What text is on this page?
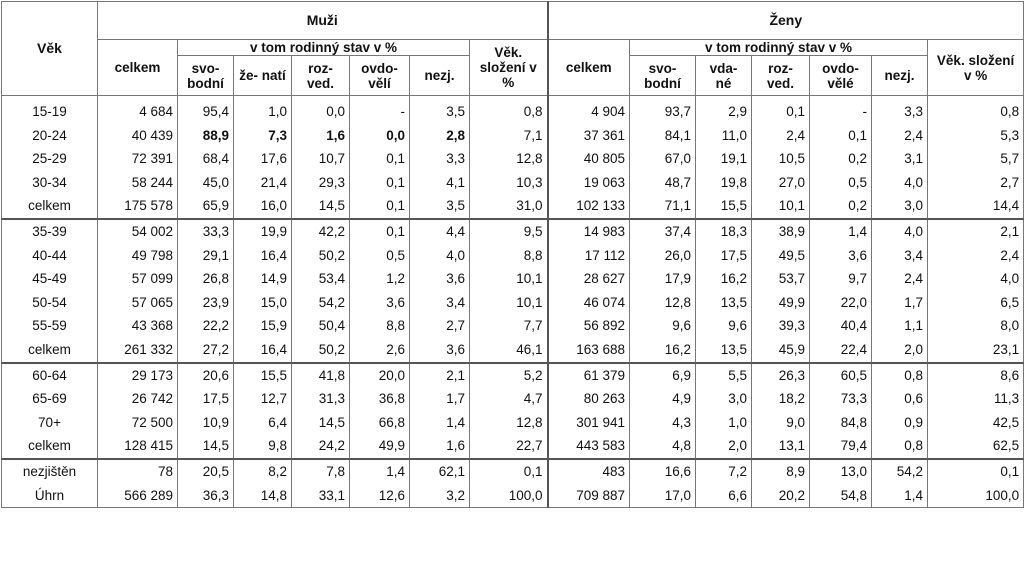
Věk	Muži							Ženy						
	celkem	v tom rodinný stav v %					Věk. složení v %	celkem	v tom rodinný stav v %					Věk. složení v %
		svo- bodní	že- natí	roz- ved.	ovdo- vělí	nezj.			svo- bodní	vda- né	roz- ved.	ovdo- vělé	nezj.	
15-19	4 684	95,4	1,0	0,0	-	3,5	0,8	4 904	93,7	2,9	0,1	-	3,3	0,8
20-24	40 439	88,9	7,3	1,6	0,0	2,8	7,1	37 361	84,1	11,0	2,4	0,1	2,4	5,3
25-29	72 391	68,4	17,6	10,7	0,1	3,3	12,8	40 805	67,0	19,1	10,5	0,2	3,1	5,7
30-34	58 244	45,0	21,4	29,3	0,1	4,1	10,3	19 063	48,7	19,8	27,0	0,5	4,0	2,7
celkem	175 578	65,9	16,0	14,5	0,1	3,5	31,0	102 133	71,1	15,5	10,1	0,2	3,0	14,4
35-39	54 002	33,3	19,9	42,2	0,1	4,4	9,5	14 983	37,4	18,3	38,9	1,4	4,0	2,1
40-44	49 798	29,1	16,4	50,2	0,5	4,0	8,8	17 112	26,0	17,5	49,5	3,6	3,4	2,4
45-49	57 099	26,8	14,9	53,4	1,2	3,6	10,1	28 627	17,9	16,2	53,7	9,7	2,4	4,0
50-54	57 065	23,9	15,0	54,2	3,6	3,4	10,1	46 074	12,8	13,5	49,9	22,0	1,7	6,5
55-59	43 368	22,2	15,9	50,4	8,8	2,7	7,7	56 892	9,6	9,6	39,3	40,4	1,1	8,0
celkem	261 332	27,2	16,4	50,2	2,6	3,6	46,1	163 688	16,2	13,5	45,9	22,4	2,0	23,1
60-64	29 173	20,6	15,5	41,8	20,0	2,1	5,2	61 379	6,9	5,5	26,3	60,5	0,8	8,6
65-69	26 742	17,5	12,7	31,3	36,8	1,7	4,7	80 263	4,9	3,0	18,2	73,3	0,6	11,3
70+	72 500	10,9	6,4	14,5	66,8	1,4	12,8	301 941	4,3	1,0	9,0	84,8	0,9	42,5
celkem	128 415	14,5	9,8	24,2	49,9	1,6	22,7	443 583	4,8	2,0	13,1	79,4	0,8	62,5
nezjištěn	78	20,5	8,2	7,8	1,4	62,1	0,1	483	16,6	7,2	8,9	13,0	54,2	0,1
Úhrn	566 289	36,3	14,8	33,1	12,6	3,2	100,0	709 887	17,0	6,6	20,2	54,8	1,4	100,0
